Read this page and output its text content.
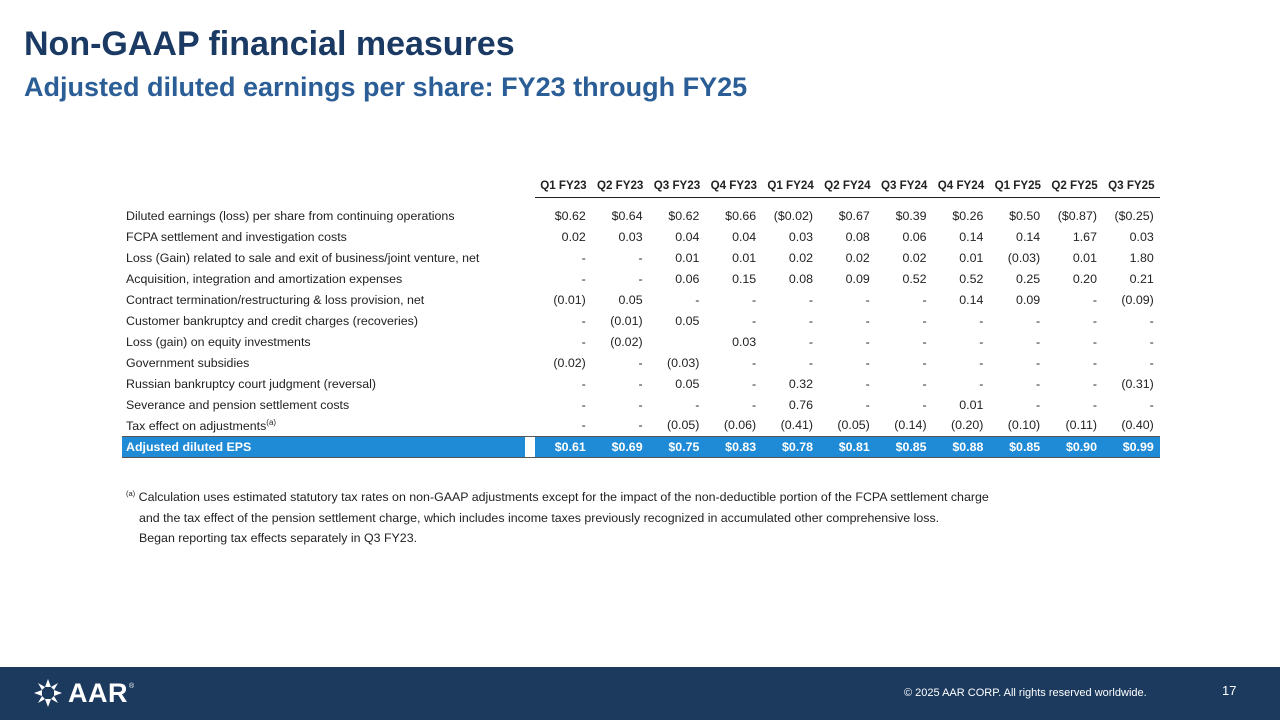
Non-GAAP financial measures
Adjusted diluted earnings per share: FY23 through FY25
		Q1 FY23	Q2 FY23	Q3 FY23	Q4 FY23	Q1 FY24	Q2 FY24	Q3 FY24	Q4 FY24	Q1 FY25	Q2 FY25	Q3 FY25

Diluted earnings (loss) per share from continuing operations		$0.62	$0.64	$0.62	$0.66	($0.02)	$0.67	$0.39	$0.26	$0.50	($0.87)	($0.25)
FCPA settlement and investigation costs		0.02	0.03	0.04	0.04	0.03	0.08	0.06	0.14	0.14	1.67	0.03
Loss (Gain) related to sale and exit of business/joint venture, net		-	-	0.01	0.01	0.02	0.02	0.02	0.01	(0.03)	0.01	1.80
Acquisition, integration and amortization expenses		-	-	0.06	0.15	0.08	0.09	0.52	0.52	0.25	0.20	0.21
Contract termination/restructuring & loss provision, net		(0.01)	0.05	-	-	-	-	-	0.14	0.09	-	(0.09)
Customer bankruptcy and credit charges (recoveries)		-	(0.01)	0.05	-	-	-	-	-	-	-	-
Loss (gain) on equity investments		-	(0.02)		0.03	-	-	-	-	-	-	-
Government subsidies		(0.02)	-	(0.03)	-	-	-	-	-	-	-	-
Russian bankruptcy court judgment (reversal)		-	-	0.05	-	0.32	-	-	-	-	-	(0.31)
Severance and pension settlement costs		-	-	-	-	0.76	-	-	0.01	-	-	-
Tax effect on adjustments$^{(a)}$		-	-	(0.05)	(0.06)	(0.41)	(0.05)	(0.14)	(0.20)	(0.10)	(0.11)	(0.40)
Adjusted diluted EPS		$0.61	$0.69	$0.75	$0.83	$0.78	$0.81	$0.85	$0.88	$0.85	$0.90	$0.99
$^{(a)}$ Calculation uses estimated statutory tax rates on non-GAAP adjustments except for the impact of the non-deductible portion of the FCPA settlement charge
and the tax effect of the pension settlement charge, which includes income taxes previously recognized in accumulated other comprehensive loss.
Began reporting tax effects separately in Q3 FY23.
AAR ®
© 2025 AAR CORP. All rights reserved worldwide.	17
